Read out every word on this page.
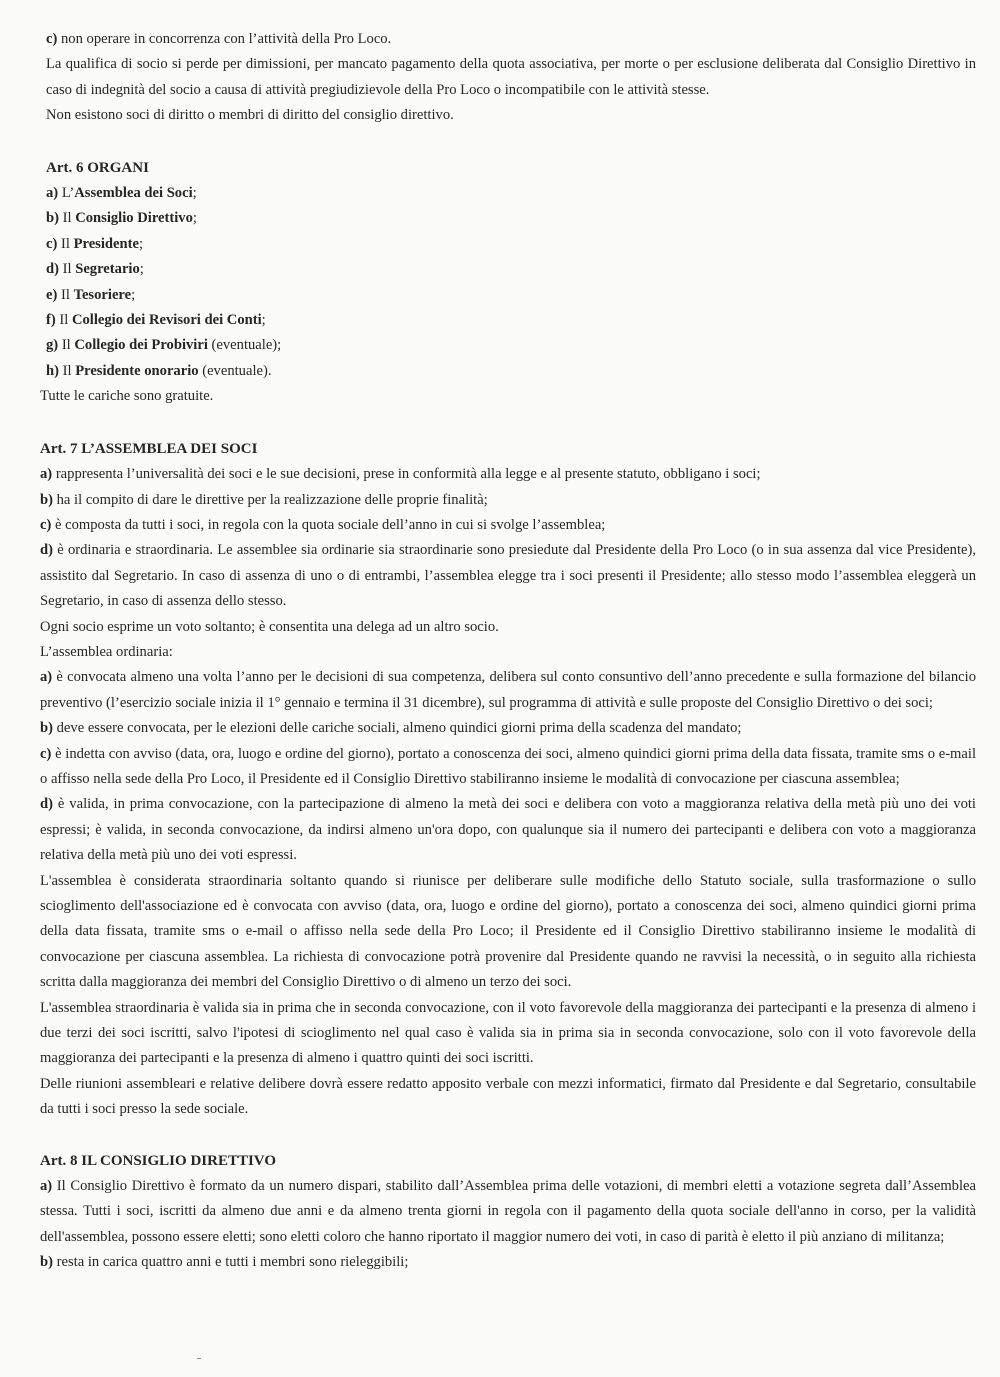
c) non operare in concorrenza con l’attività della Pro Loco.

La qualifica di socio si perde per dimissioni, per mancato pagamento della quota associativa, per morte o per esclusione deliberata dal Consiglio Direttivo in caso di indegnità del socio a causa di attività pregiudizievole della Pro Loco o incompatibile con le attività stesse.

Non esistono soci di diritto o membri di diritto del consiglio direttivo.

Art. 6 ORGANI

a) L’Assemblea dei Soci;

b) Il Consiglio Direttivo;

c) Il Presidente;

d) Il Segretario;

e) Il Tesoriere;

f) Il Collegio dei Revisori dei Conti;

g) Il Collegio dei Probiviri (eventuale);

h) Il Presidente onorario (eventuale).

Tutte le cariche sono gratuite.

Art. 7 L’ASSEMBLEA DEI SOCI

a) rappresenta l’universalità dei soci e le sue decisioni, prese in conformità alla legge e al presente statuto, obbligano i soci;

b) ha il compito di dare le direttive per la realizzazione delle proprie finalità;

c) è composta da tutti i soci, in regola con la quota sociale dell’anno in cui si svolge l’assemblea;

d) è ordinaria e straordinaria. Le assemblee sia ordinarie sia straordinarie sono presiedute dal Presidente della Pro Loco (o in sua assenza dal vice Presidente), assistito dal Segretario. In caso di assenza di uno o di entrambi, l’assemblea elegge tra i soci presenti il Presidente; allo stesso modo l’assemblea eleggerà un Segretario, in caso di assenza dello stesso.

Ogni socio esprime un voto soltanto; è consentita una delega ad un altro socio.

L’assemblea ordinaria:

a) è convocata almeno una volta l’anno per le decisioni di sua competenza, delibera sul conto consuntivo dell’anno precedente e sulla formazione del bilancio preventivo (l’esercizio sociale inizia il 1° gennaio e termina il 31 dicembre), sul programma di attività e sulle proposte del Consiglio Direttivo o dei soci;

b) deve essere convocata, per le elezioni delle cariche sociali, almeno quindici giorni prima della scadenza del mandato;

c) è indetta con avviso (data, ora, luogo e ordine del giorno), portato a conoscenza dei soci, almeno quindici giorni prima della data fissata, tramite sms o e-mail o affisso nella sede della Pro Loco, il Presidente ed il Consiglio Direttivo stabiliranno insieme le modalità di convocazione per ciascuna assemblea;

d) è valida, in prima convocazione, con la partecipazione di almeno la metà dei soci e delibera con voto a maggioranza relativa della metà più uno dei voti espressi; è valida, in seconda convocazione, da indirsi almeno un'ora dopo, con qualunque sia il numero dei partecipanti e delibera con voto a maggioranza relativa della metà più uno dei voti espressi.

L'assemblea è considerata straordinaria soltanto quando si riunisce per deliberare sulle modifiche dello Statuto sociale, sulla trasformazione o sullo scioglimento dell'associazione ed è convocata con avviso (data, ora, luogo e ordine del giorno), portato a conoscenza dei soci, almeno quindici giorni prima della data fissata, tramite sms o e-mail o affisso nella sede della Pro Loco; il Presidente ed il Consiglio Direttivo stabiliranno insieme le modalità di convocazione per ciascuna assemblea. La richiesta di convocazione potrà provenire dal Presidente quando ne ravvisi la necessità, o in seguito alla richiesta scritta dalla maggioranza dei membri del Consiglio Direttivo o di almeno un terzo dei soci.

L'assemblea straordinaria è valida sia in prima che in seconda convocazione, con il voto favorevole della maggioranza dei partecipanti e la presenza di almeno i due terzi dei soci iscritti, salvo l'ipotesi di scioglimento nel qual caso è valida sia in prima sia in seconda convocazione, solo con il voto favorevole della maggioranza dei partecipanti e la presenza di almeno i quattro quinti dei soci iscritti.

Delle riunioni assembleari e relative delibere dovrà essere redatto apposito verbale con mezzi informatici, firmato dal Presidente e dal Segretario, consultabile da tutti i soci presso la sede sociale.

Art. 8 IL CONSIGLIO DIRETTIVO

a) Il Consiglio Direttivo è formato da un numero dispari, stabilito dall’Assemblea prima delle votazioni, di membri eletti a votazione segreta dall’Assemblea stessa. Tutti i soci, iscritti da almeno due anni e da almeno trenta giorni in regola con il pagamento della quota sociale dell'anno in corso, per la validità dell'assemblea, possono essere eletti; sono eletti coloro che hanno riportato il maggior numero dei voti, in caso di parità è eletto il più anziano di militanza;

b) resta in carica quattro anni e tutti i membri sono rieleggibili;
